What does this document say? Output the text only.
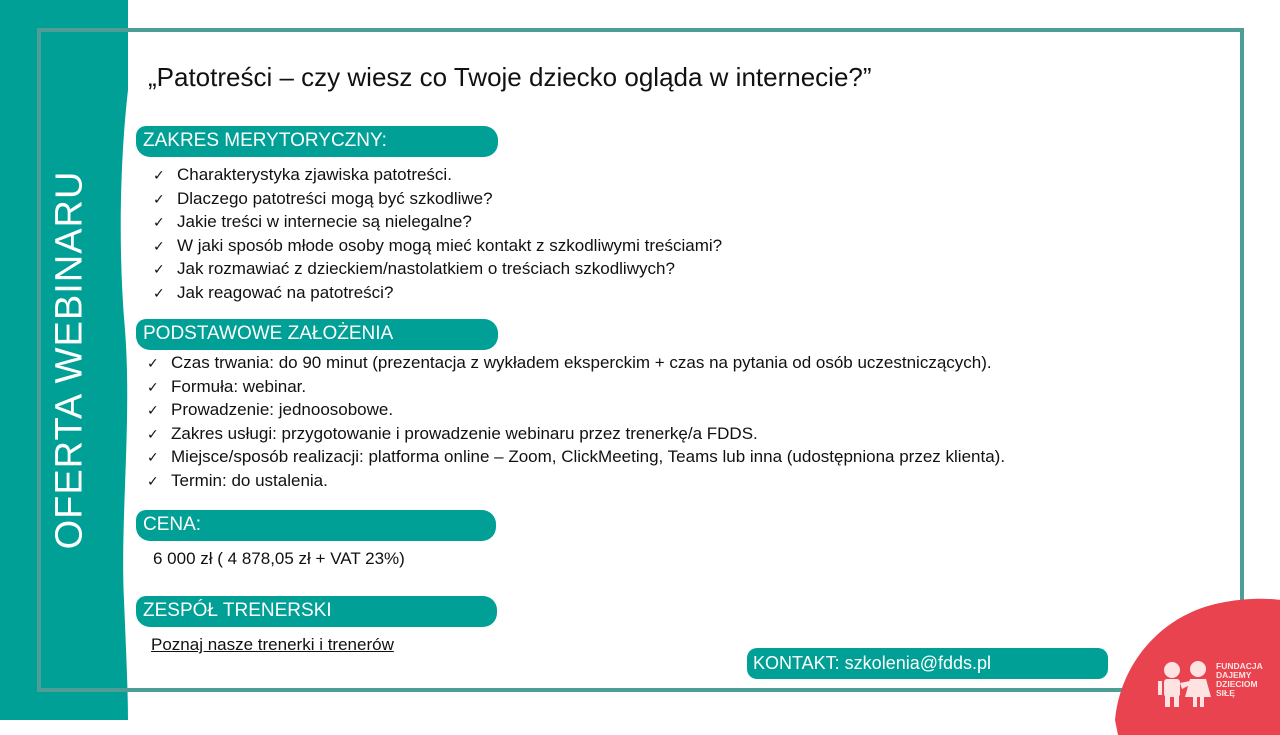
OFERTA WEBINARU
„Patotreści – czy wiesz co Twoje dziecko ogląda w internecie?”
ZAKRES MERYTORYCZNY:
✓ Charakterystyka zjawiska patotreści.
✓ Dlaczego patotreści mogą być szkodliwe?
✓ Jakie treści w internecie są nielegalne?
✓ W jaki sposób młode osoby mogą mieć kontakt z szkodliwymi treściami?
✓ Jak rozmawiać z dzieckiem/nastolatkiem o treściach szkodliwych?
✓ Jak reagować na patotreści?
PODSTAWOWE ZAŁOŻENIA
✓ Czas trwania: do 90 minut (prezentacja z wykładem eksperckim + czas na pytania od osób uczestniczących).
✓ Formuła: webinar.
✓ Prowadzenie: jednoosobowe.
✓ Zakres usługi: przygotowanie i prowadzenie webinaru przez trenerkę/a FDDS.
✓ Miejsce/sposób realizacji: platforma online – Zoom, ClickMeeting, Teams lub inna (udostępniona przez klienta).
✓ Termin: do ustalenia.
CENA:
6 000 zł ( 4 878,05 zł + VAT 23%)
ZESPÓŁ TRENERSKI
Poznaj nasze trenerki i trenerów
KONTAKT: szkolenia@fdds.pl	FUNDACJA
DAJEMY
DZIECIOM
SIŁĘ
